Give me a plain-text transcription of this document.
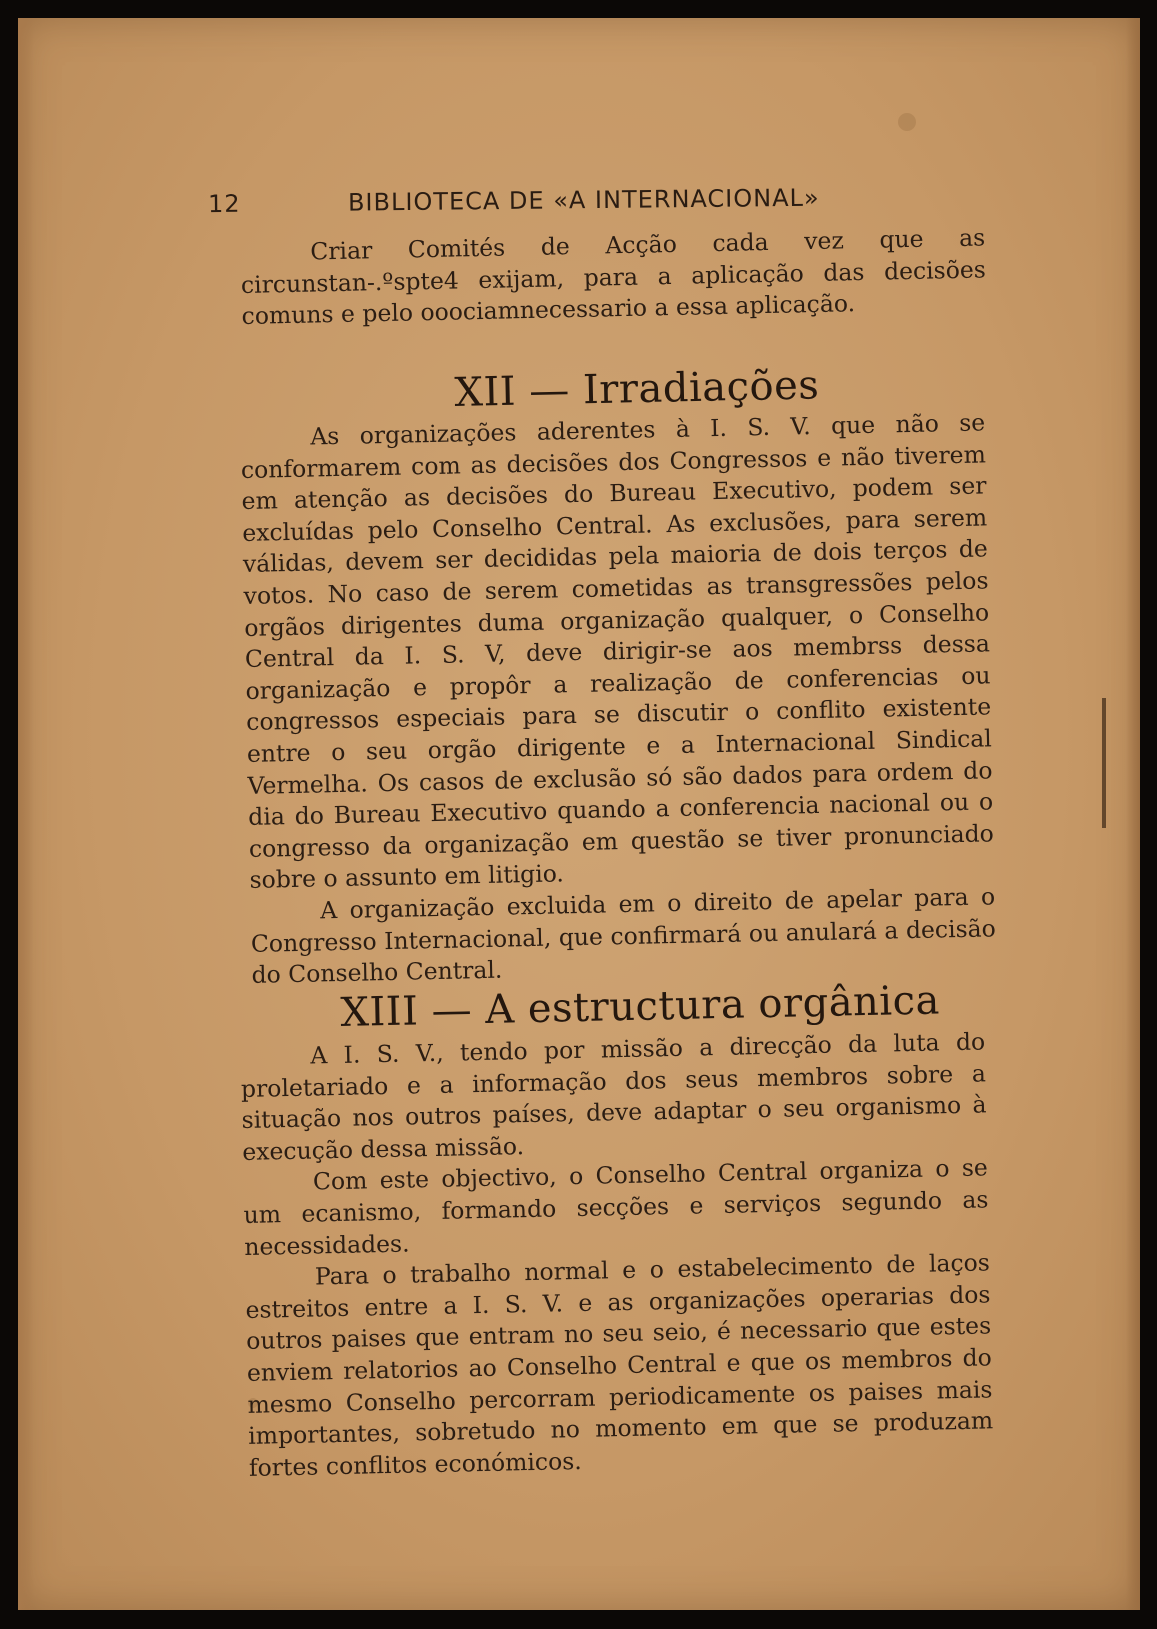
12	BIBLIOTECA DE «A INTERNACIONAL»

Criar Comités de Acção cada vez que as circunstan-.ºspte4 exijam, para a aplicação das decisões comuns e pelo ooociamnecessario a essa aplicação.

XII — Irradiações

As organizações aderentes à I. S. V. que não se conformarem com as decisões dos Congressos e não tiverem em atenção as decisões do Bureau Executivo, podem ser excluídas pelo Conselho Central. As exclusões, para serem válidas, devem ser decididas pela maioria de dois terços de votos. No caso de serem cometidas as transgressões pelos orgãos dirigentes duma organização qualquer, o Conselho Central da I. S. V, deve dirigir-se aos membrss dessa organização e propôr a realização de conferencias ou congressos especiais para se discutir o conflito existente entre o seu orgão dirigente e a Internacional Sindical Vermelha. Os casos de exclusão só são dados para ordem do dia do Bureau Executivo quando a conferencia nacional ou o congresso da organização em questão se tiver pronunciado sobre o assunto em litigio.

A organização excluida em o direito de apelar para o Congresso Internacional, que confirmará ou anulará a decisão do Conselho Central.

XIII — A estructura orgânica

A I. S. V., tendo por missão a direcção da luta do proletariado e a informação dos seus membros sobre a situação nos outros países, deve adaptar o seu organismo à execução dessa missão.

Com este objectivo, o Conselho Central organiza o se um ecanismo, formando secções e serviços segundo as necessidades.

Para o trabalho normal e o estabelecimento de laços estreitos entre a I. S. V. e as organizações operarias dos outros paises que entram no seu seio, é necessario que estes enviem relatorios ao Conselho Central e que os membros do mesmo Conselho percorram periodicamente os paises mais importantes, sobretudo no momento em que se produzam fortes conflitos económicos.
